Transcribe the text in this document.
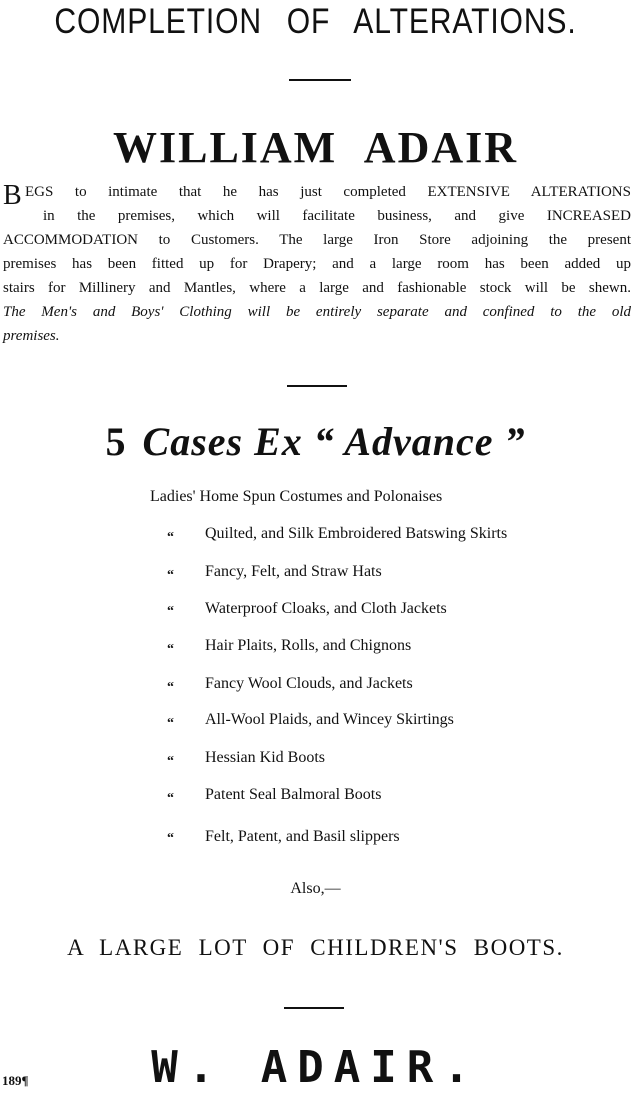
COMPLETION OF ALTERATIONS.
WILLIAM ADAIR
B EGS to intimate that he has just completed EXTENSIVE ALTERATIONS
in the premises, which will facilitate business, and give INCREASED
ACCOMMODATION to Customers. The large Iron Store adjoining the present
premises has been fitted up for Drapery; and a large room has been added up
stairs for Millinery and Mantles, where a large and fashionable stock will be shewn.
The Men's and Boys' Clothing will be entirely separate and confined to the old
premises.
5 Cases Ex “ Advance ”
Ladies' Home Spun Costumes and Polonaises
“ Quilted, and Silk Embroidered Batswing Skirts
“ Fancy, Felt, and Straw Hats
“ Waterproof Cloaks, and Cloth Jackets
“ Hair Plaits, Rolls, and Chignons
“ Fancy Wool Clouds, and Jackets
“ All-Wool Plaids, and Wincey Skirtings
“ Hessian Kid Boots
“ Patent Seal Balmoral Boots
“ Felt, Patent, and Basil slippers
Also,—
A LARGE LOT OF CHILDREN'S BOOTS.
W. ADAIR.
189¶
